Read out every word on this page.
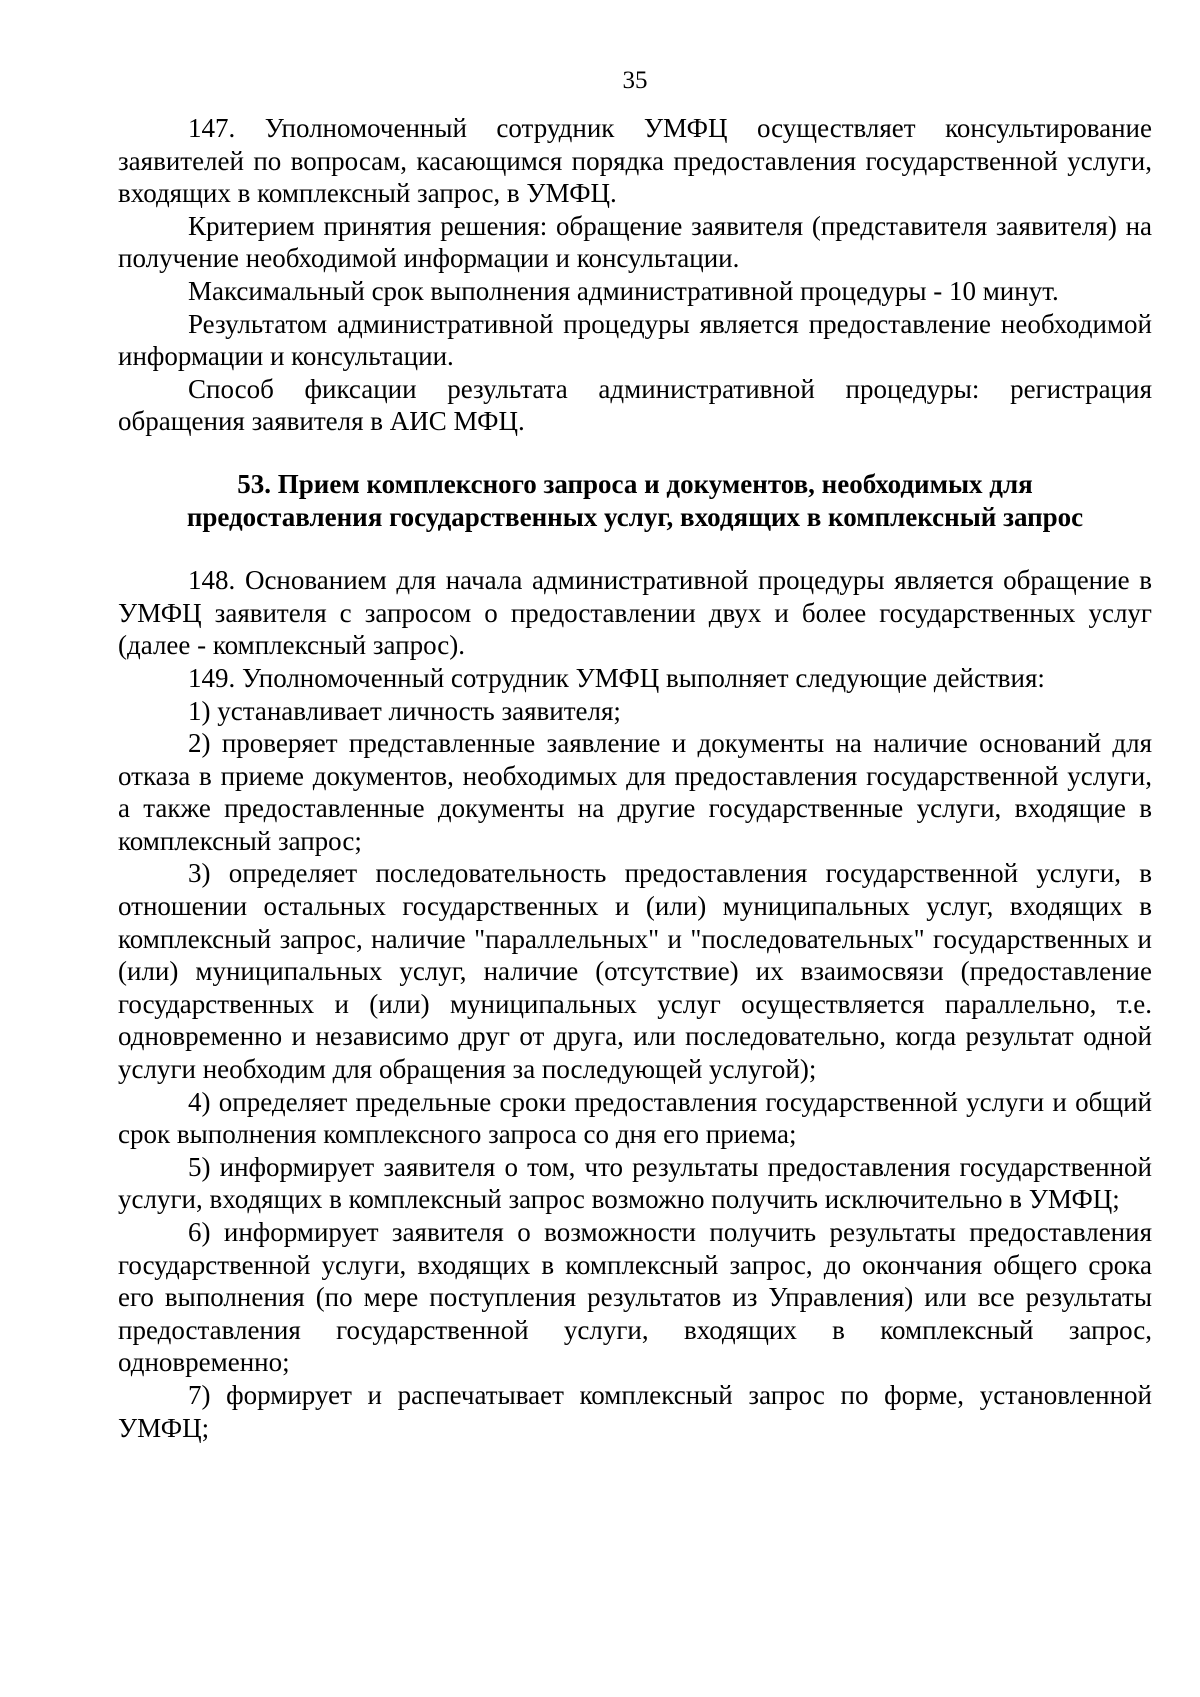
35

147. Уполномоченный сотрудник УМФЦ осуществляет консультирование заявителей по вопросам, касающимся порядка предоставления государственной услуги, входящих в комплексный запрос, в УМФЦ.

Критерием принятия решения: обращение заявителя (представителя заявителя) на получение необходимой информации и консультации.

Максимальный срок выполнения административной процедуры - 10 минут.

Результатом административной процедуры является предоставление необходимой информации и консультации.

Способ фиксации результата административной процедуры: регистрация обращения заявителя в АИС МФЦ.

53. Прием комплексного запроса и документов, необходимых для
предоставления государственных услуг, входящих в комплексный запрос

148. Основанием для начала административной процедуры является обращение в УМФЦ заявителя с запросом о предоставлении двух и более государственных услуг (далее - комплексный запрос).

149. Уполномоченный сотрудник УМФЦ выполняет следующие действия:

1) устанавливает личность заявителя;

2) проверяет представленные заявление и документы на наличие оснований для отказа в приеме документов, необходимых для предоставления государственной услуги, а также предоставленные документы на другие государственные услуги, входящие в комплексный запрос;

3) определяет последовательность предоставления государственной услуги, в отношении остальных государственных и (или) муниципальных услуг, входящих в комплексный запрос, наличие "параллельных" и "последовательных" государственных и (или) муниципальных услуг, наличие (отсутствие) их взаимосвязи (предоставление государственных и (или) муниципальных услуг осуществляется параллельно, т.е. одновременно и независимо друг от друга, или последовательно, когда результат одной услуги необходим для обращения за последующей услугой);

4) определяет предельные сроки предоставления государственной услуги и общий срок выполнения комплексного запроса со дня его приема;

5) информирует заявителя о том, что результаты предоставления государственной услуги, входящих в комплексный запрос возможно получить исключительно в УМФЦ;

6) информирует заявителя о возможности получить результаты предоставления государственной услуги, входящих в комплексный запрос, до окончания общего срока его выполнения (по мере поступления результатов из Управления) или все результаты предоставления государственной услуги, входящих в комплексный запрос, одновременно;

7) формирует и распечатывает комплексный запрос по форме, установленной УМФЦ;
